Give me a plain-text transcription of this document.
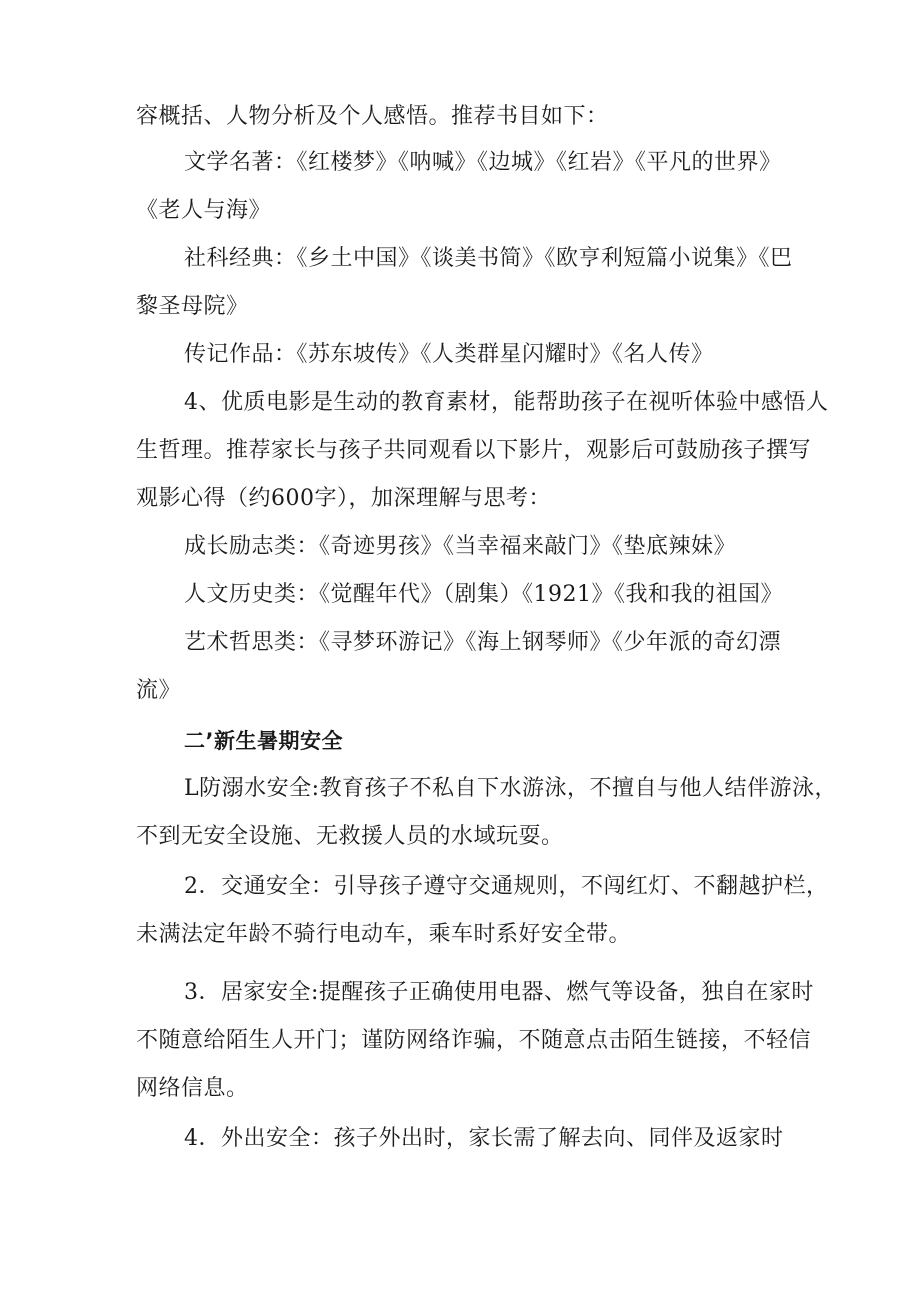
容概括、人物分析及个人感悟。推荐书目如下：
文学名著：《红楼梦》《呐喊》《边城》《红岩》《平凡的世界》
《老人与海》
社科经典：《乡土中国》《谈美书简》《欧亨利短篇小说集》《巴
黎圣母院》
传记作品：《苏东坡传》《人类群星闪耀时》《名人传》
4、优质电影是生动的教育素材，能帮助孩子在视听体验中感悟人
生哲理。推荐家长与孩子共同观看以下影片，观影后可鼓励孩子撰写
观影心得（约600字），加深理解与思考：
成长励志类：《奇迹男孩》《当幸福来敲门》《垫底辣妹》
人文历史类：《觉醒年代》（剧集）《1921》《我和我的祖国》
艺术哲思类：《寻梦环游记》《海上钢琴师》《少年派的奇幻漂
流》
二’新生暑期安全
L防溺水安全:教育孩子不私自下水游泳，不擅自与他人结伴游泳，
不到无安全设施、无救援人员的水域玩耍。
2．交通安全：引导孩子遵守交通规则，不闯红灯、不翻越护栏，
未满法定年龄不骑行电动车，乘车时系好安全带。
3．居家安全:提醒孩子正确使用电器、燃气等设备，独自在家时
不随意给陌生人开门；谨防网络诈骗，不随意点击陌生链接，不轻信
网络信息。
4．外出安全：孩子外出时，家长需了解去向、同伴及返家时
